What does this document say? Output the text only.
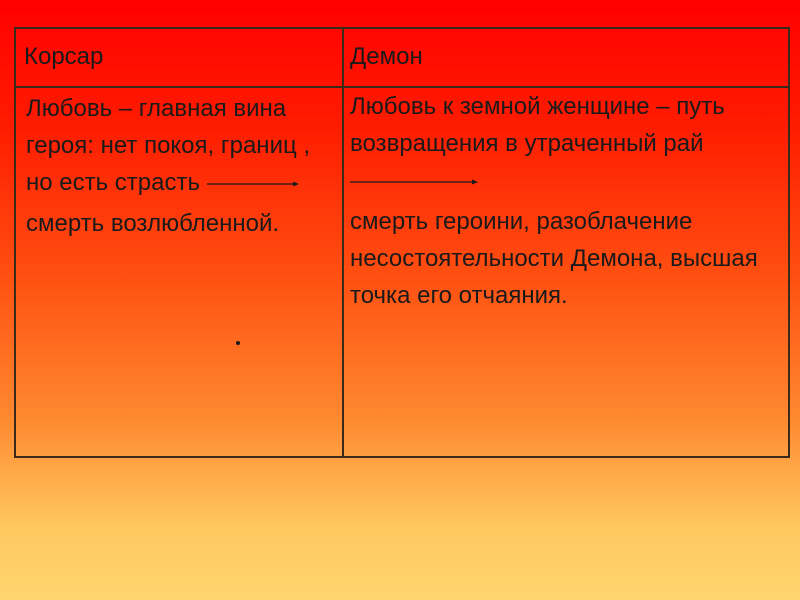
Корсар	Демон

Любовь – главная вина героя: нет покоя, границ , но есть страсть

смерть возлюбленной.

Любовь к земной женщине – путь возвращения в утраченный рай

смерть героини, разоблачение несостоятельности Демона, высшая точка его отчаяния.
